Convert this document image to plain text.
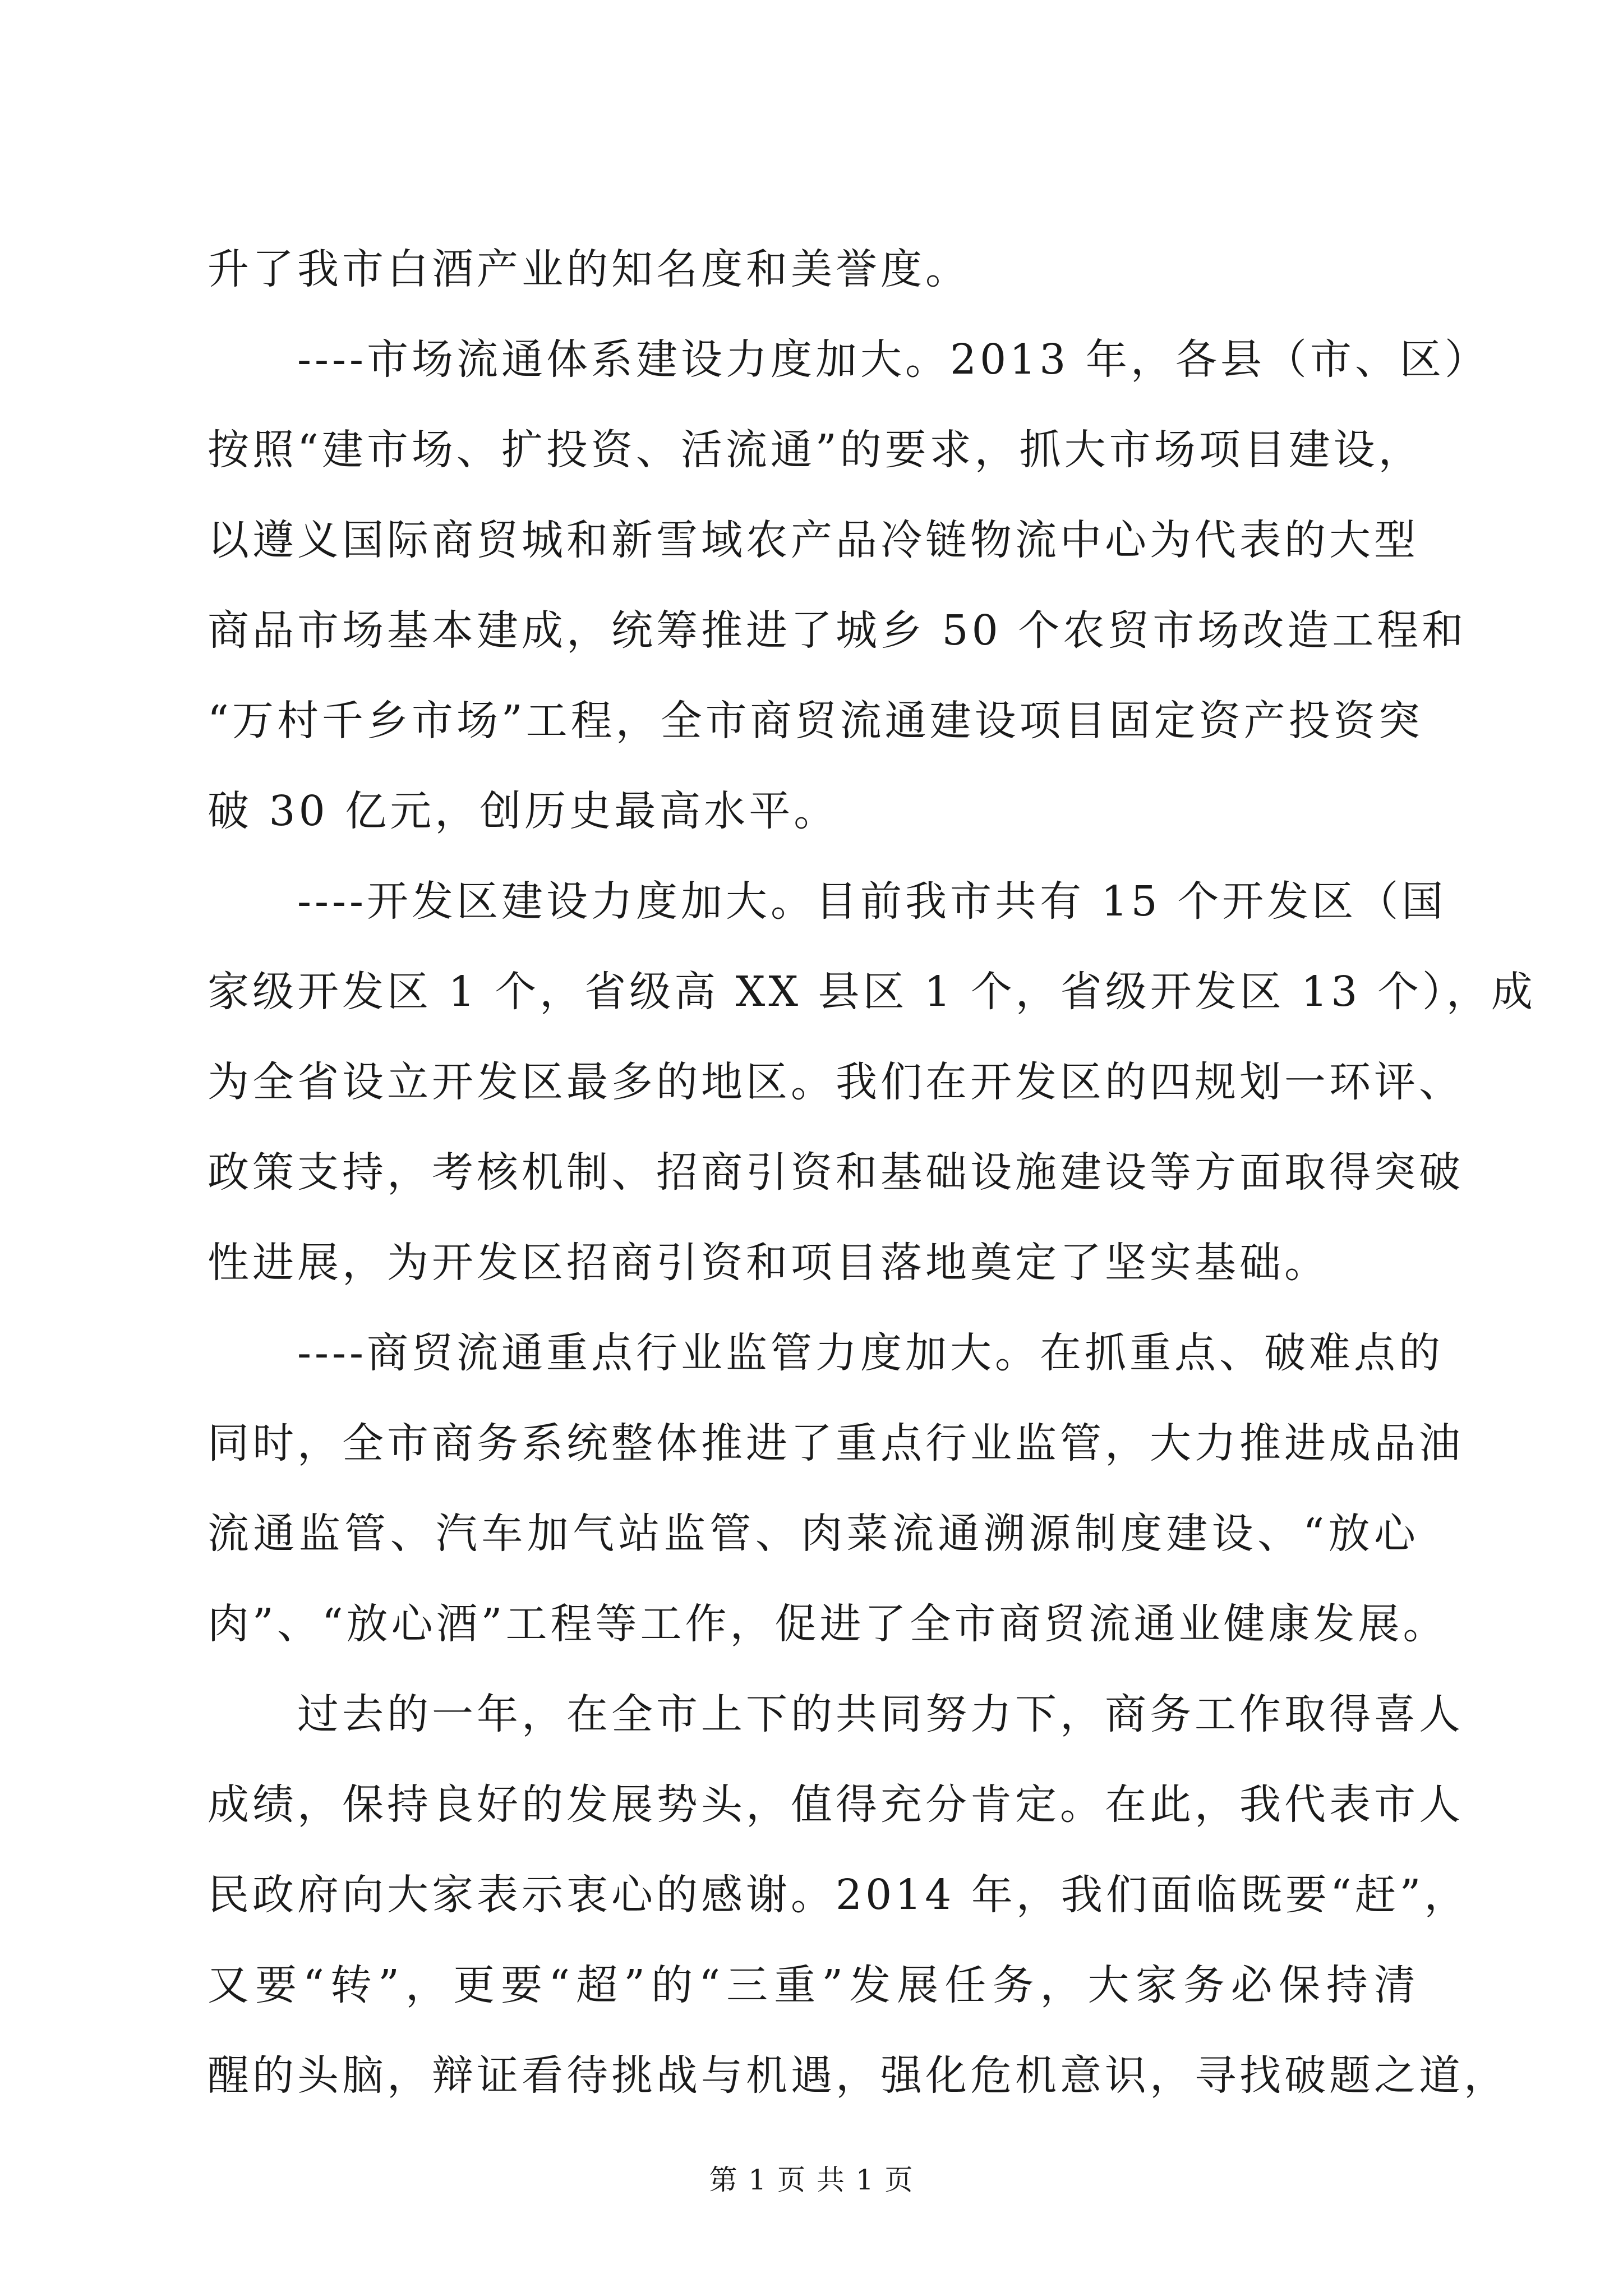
升了我市白酒产业的知名度和美誉度。
----市场流通体系建设力度加大。2013 年，各县（市、区）
按照“建市场、扩投资、活流通”的要求，抓大市场项目建设，
以遵义国际商贸城和新雪域农产品冷链物流中心为代表的大型
商品市场基本建成，统筹推进了城乡 50 个农贸市场改造工程和
“万村千乡市场”工程，全市商贸流通建设项目固定资产投资突
破 30 亿元，创历史最高水平。
----开发区建设力度加大。目前我市共有 15 个开发区（国
家级开发区 1 个，省级高 XX 县区 1 个，省级开发区 13 个），成
为全省设立开发区最多的地区。我们在开发区的四规划一环评、
政策支持，考核机制、招商引资和基础设施建设等方面取得突破
性进展，为开发区招商引资和项目落地奠定了坚实基础。
----商贸流通重点行业监管力度加大。在抓重点、破难点的
同时，全市商务系统整体推进了重点行业监管，大力推进成品油
流通监管、汽车加气站监管、肉菜流通溯源制度建设、“放心
肉”、“放心酒”工程等工作，促进了全市商贸流通业健康发展。
过去的一年，在全市上下的共同努力下，商务工作取得喜人
成绩，保持良好的发展势头，值得充分肯定。在此，我代表市人
民政府向大家表示衷心的感谢。2014 年，我们面临既要“赶”，
又要“转”，更要“超”的“三重”发展任务，大家务必保持清
醒的头脑，辩证看待挑战与机遇，强化危机意识，寻找破题之道，
第 1 页 共 1 页
